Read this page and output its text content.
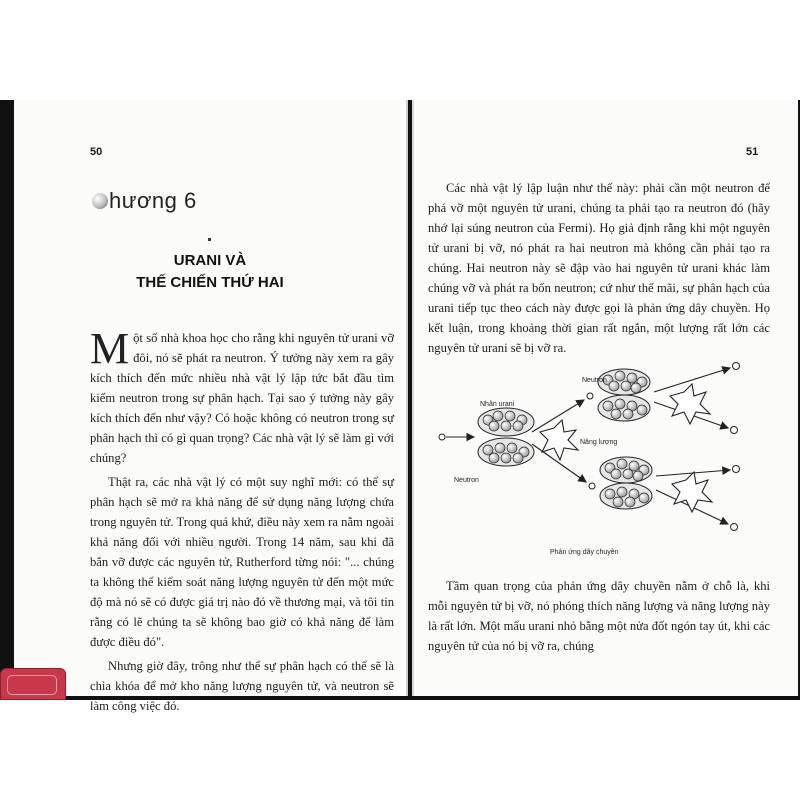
50
hương 6
URANI VÀ
THẾ CHIẾN THỨ HAI

Một số nhà khoa học cho rằng khi nguyên tử urani vỡ đôi, nó sẽ phát ra neutron. Ý tưởng này xem ra gây kích thích đến mức nhiều nhà vật lý lập tức bắt đầu tìm kiếm neutron trong sự phân hạch. Tại sao ý tưởng này gây kích thích đến như vậy? Có hoặc không có neutron trong sự phân hạch thì có gì quan trọng? Các nhà vật lý sẽ làm gì với chúng?

Thật ra, các nhà vật lý có một suy nghĩ mới: có thể sự phân hạch sẽ mở ra khả năng để sử dụng năng lượng chứa trong nguyên tử. Trong quá khứ, điều này xem ra nằm ngoài khả năng đối với nhiều người. Trong 14 năm, sau khi đã bắn vỡ được các nguyên tử, Rutherford từng nói: "... chúng ta không thể kiểm soát năng lượng nguyên tử đến một mức độ mà nó sẽ có được giá trị nào đó về thương mại, và tôi tin rằng có lẽ chúng ta sẽ không bao giờ có khả năng để làm được điều đó".

Nhưng giờ đây, trông như thể sự phân hạch có thể sẽ là chìa khóa để mở kho năng lượng nguyên tử, và neutron sẽ làm công việc đó.

51

Các nhà vật lý lập luận như thế này: phải cần một neutron để phá vỡ một nguyên tử urani, chúng ta phải tạo ra neutron đó (hãy nhớ lại súng neutron của Fermi). Họ giả định rằng khi một nguyên tử urani bị vỡ, nó phát ra hai neutron mà không cần phải tạo ra chúng. Hai neutron này sẽ đập vào hai nguyên tử urani khác làm chúng vỡ và phát ra bốn neutron; cứ như thế mãi, sự phân hạch của urani tiếp tục theo cách này được gọi là phản ứng dây chuyền. Họ kết luận, trong khoảng thời gian rất ngắn, một lượng rất lớn các nguyên tử urani sẽ bị vỡ ra.

Neutron
Nhân urani
Năng lượng
Neutron
Phản ứng dây chuyền

Tầm quan trọng của phản ứng dây chuyền nằm ở chỗ là, khi mỗi nguyên tử bị vỡ, nó phóng thích năng lượng và năng lượng này là rất lớn. Một mẩu urani nhỏ bằng một nửa đốt ngón tay út, khi các nguyên tử của nó bị vỡ ra, chúng
